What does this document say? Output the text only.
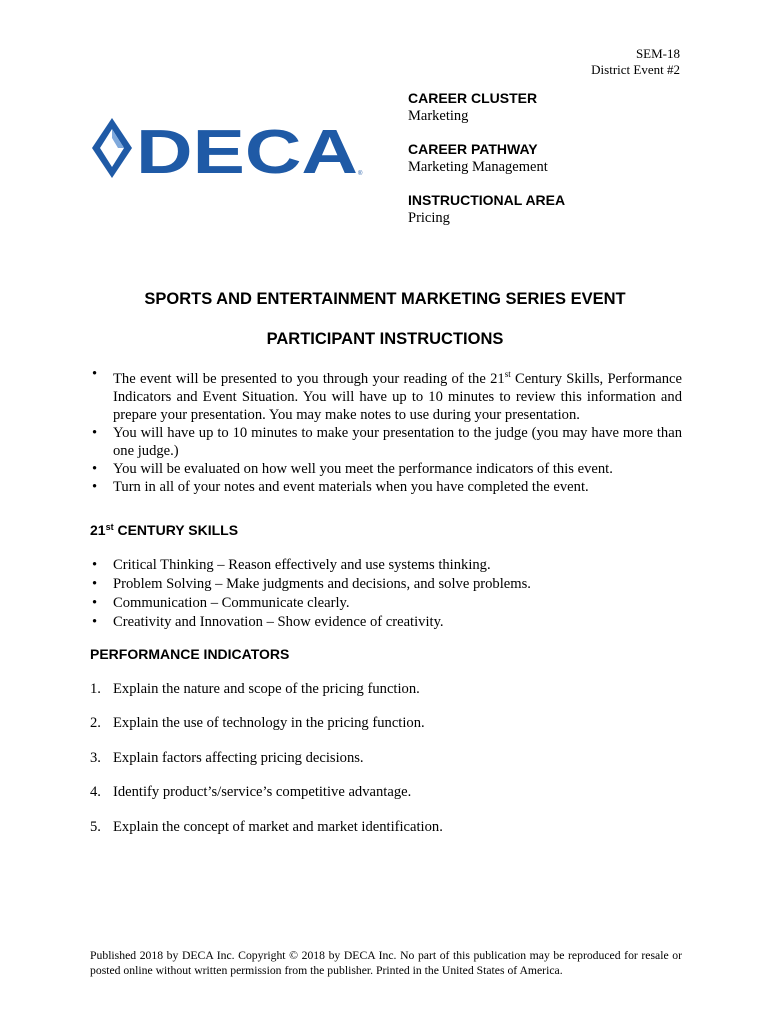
SEM-18
District Event #2
DECA ®
CAREER CLUSTER
Marketing
CAREER PATHWAY
Marketing Management
INSTRUCTIONAL AREA
Pricing
SPORTS AND ENTERTAINMENT MARKETING SERIES EVENT
PARTICIPANT INSTRUCTIONS
• The event will be presented to you through your reading of the 21st Century Skills, Performance Indicators and Event Situation. You will have up to 10 minutes to review this information and prepare your presentation. You may make notes to use during your presentation.
• You will have up to 10 minutes to make your presentation to the judge (you may have more than one judge.)
• You will be evaluated on how well you meet the performance indicators of this event.
• Turn in all of your notes and event materials when you have completed the event.
21st CENTURY SKILLS
• Critical Thinking – Reason effectively and use systems thinking.
• Problem Solving – Make judgments and decisions, and solve problems.
• Communication – Communicate clearly.
• Creativity and Innovation – Show evidence of creativity.
PERFORMANCE INDICATORS
1. Explain the nature and scope of the pricing function.
2. Explain the use of technology in the pricing function.
3. Explain factors affecting pricing decisions.
4. Identify product’s/service’s competitive advantage.
5. Explain the concept of market and market identification.
Published 2018 by DECA Inc. Copyright © 2018 by DECA Inc. No part of this publication may be reproduced for resale or posted online without written permission from the publisher. Printed in the United States of America.
